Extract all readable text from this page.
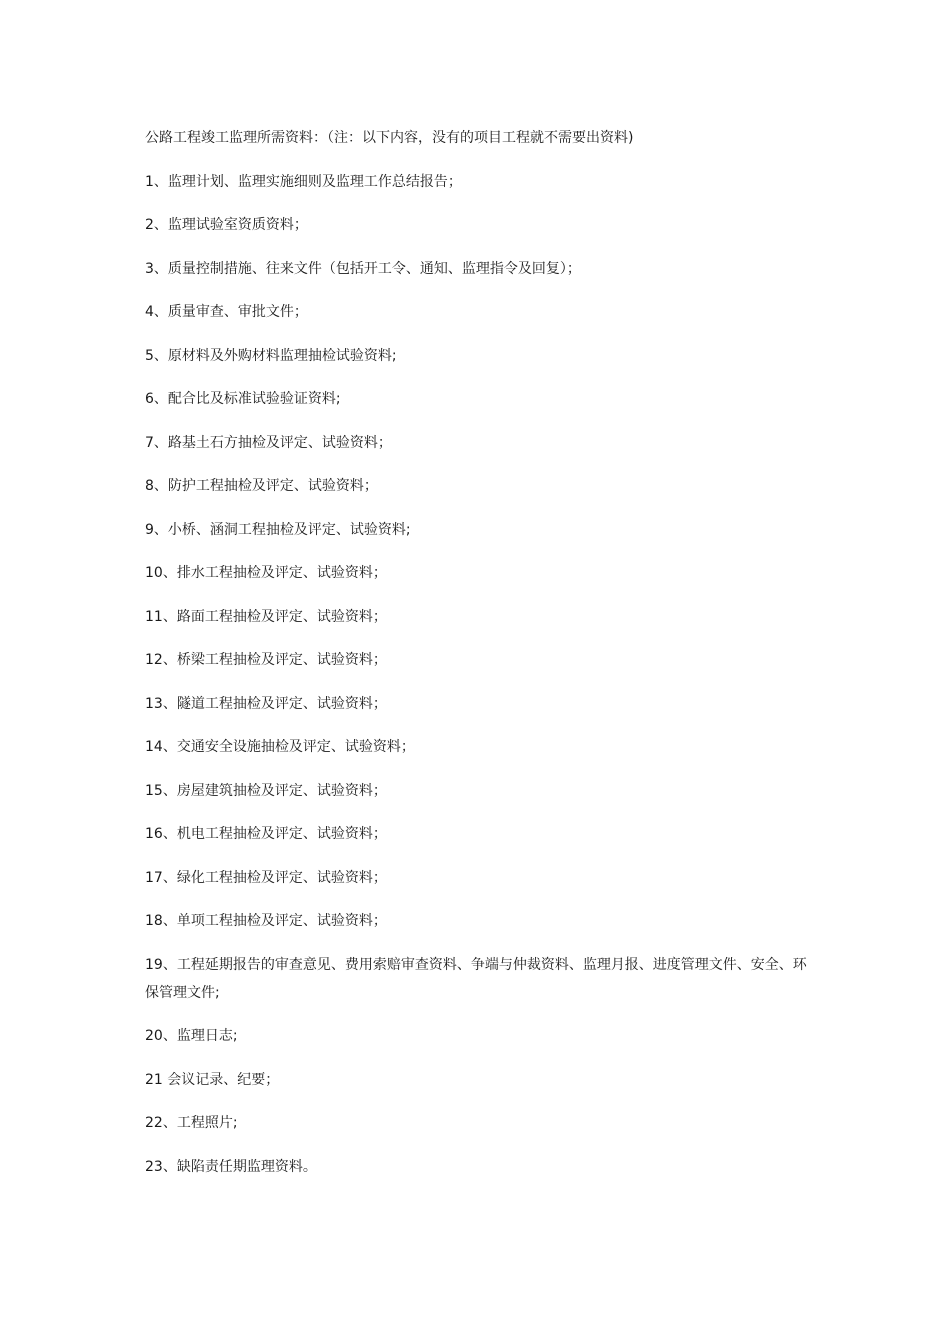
公路工程竣工监理所需资料：（注：以下内容，没有的项目工程就不需要出资料)

1、监理计划、监理实施细则及监理工作总结报告；

2、监理试验室资质资料；

3、质量控制措施、往来文件（包括开工令、通知、监理指令及回复）；

4、质量审查、审批文件；

5、原材料及外购材料监理抽检试验资料;

6、配合比及标准试验验证资料;

7、路基土石方抽检及评定、试验资料；

8、防护工程抽检及评定、试验资料；

9、小桥、涵洞工程抽检及评定、试验资料;

10、排水工程抽检及评定、试验资料；

11、路面工程抽检及评定、试验资料；

12、桥梁工程抽检及评定、试验资料；

13、隧道工程抽检及评定、试验资料；

14、交通安全设施抽检及评定、试验资料；

15、房屋建筑抽检及评定、试验资料；

16、机电工程抽检及评定、试验资料；

17、绿化工程抽检及评定、试验资料；

18、单项工程抽检及评定、试验资料；

19、工程延期报告的审查意见、费用索赔审查资料、争端与仲裁资料、监理月报、进度管理文件、安全、环保管理文件;

20、监理日志;

21 会议记录、纪要；

22、工程照片;

23、缺陷责任期监理资料。
